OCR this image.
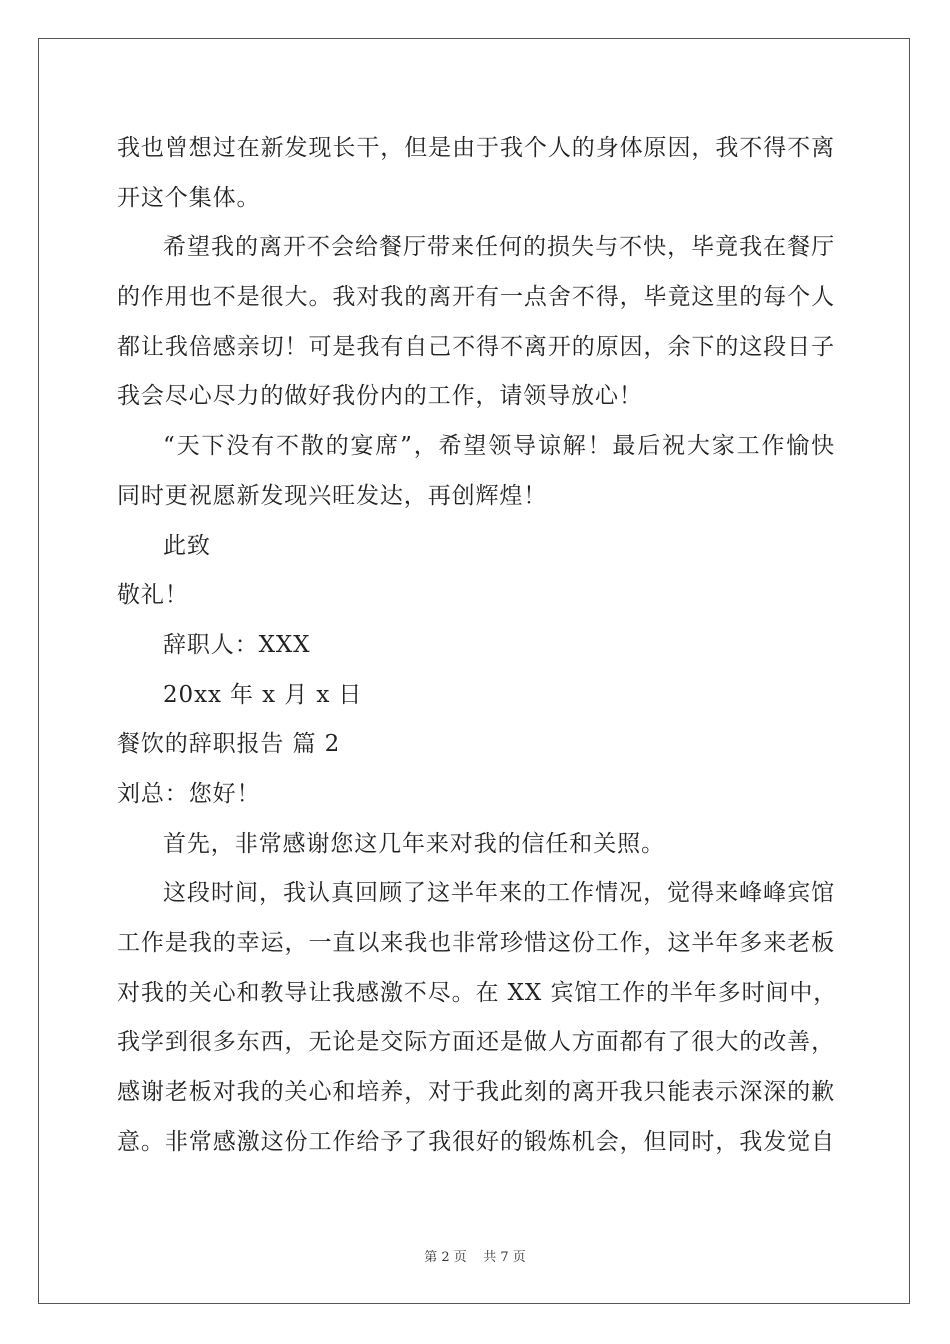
我也曾想过在新发现长干，但是由于我个人的身体原因，我不得不离
开这个集体。
希望我的离开不会给餐厅带来任何的损失与不快，毕竟我在餐厅
的作用也不是很大。我对我的离开有一点舍不得，毕竟这里的每个人
都让我倍感亲切！可是我有自己不得不离开的原因，余下的这段日子
我会尽心尽力的做好我份内的工作，请领导放心！
“天下没有不散的宴席”，希望领导谅解！最后祝大家工作愉快
同时更祝愿新发现兴旺发达，再创辉煌！
此致
敬礼！
辞职人：XXX
20xx 年 x 月 x 日
餐饮的辞职报告 篇 2
刘总：您好！
首先，非常感谢您这几年来对我的信任和关照。
这段时间，我认真回顾了这半年来的工作情况，觉得来峰峰宾馆
工作是我的幸运，一直以来我也非常珍惜这份工作，这半年多来老板
对我的关心和教导让我感激不尽。在 XX 宾馆工作的半年多时间中，
我学到很多东西，无论是交际方面还是做人方面都有了很大的改善，
感谢老板对我的关心和培养，对于我此刻的离开我只能表示深深的歉
意。非常感激这份工作给予了我很好的锻炼机会，但同时，我发觉自
第 2 页    共 7 页
